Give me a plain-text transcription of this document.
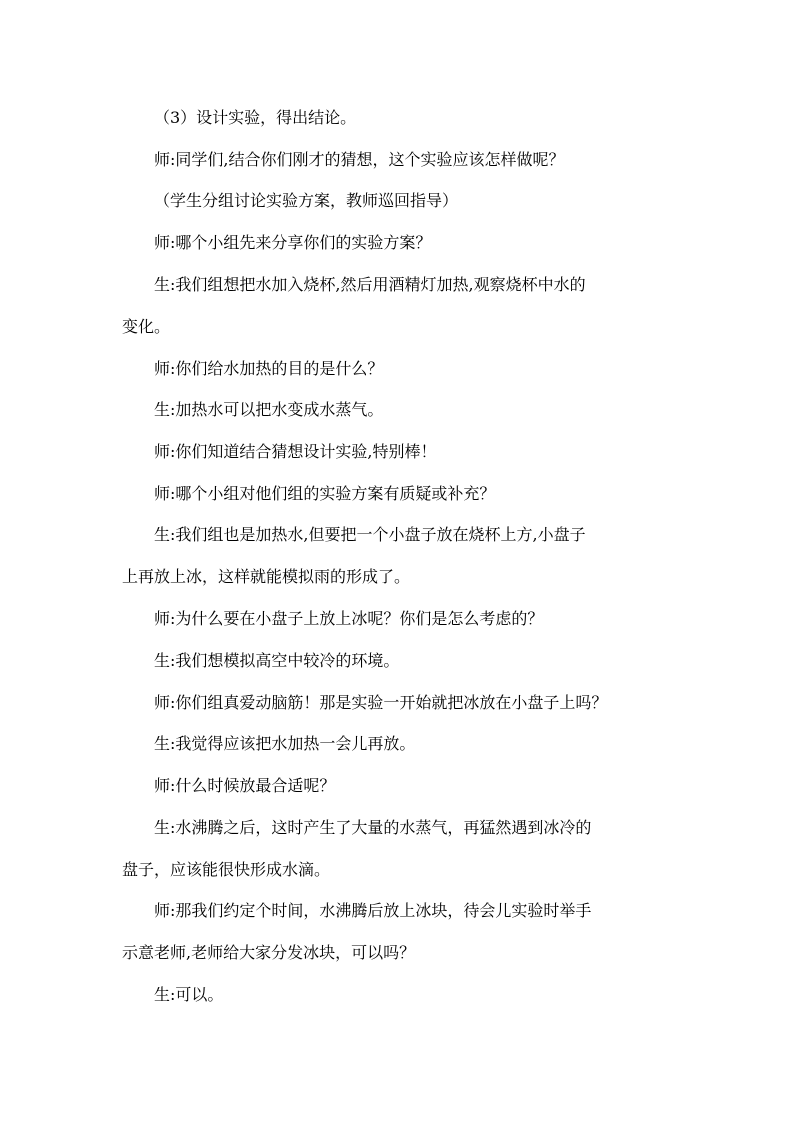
（3）设计实验，得出结论。

师:同学们,结合你们刚才的猜想，这个实验应该怎样做呢？

（学生分组讨论实验方案，教师巡回指导）

师:哪个小组先来分享你们的实验方案？

生:我们组想把水加入烧杯,然后用酒精灯加热,观察烧杯中水的
变化。

师:你们给水加热的目的是什么？

生:加热水可以把水变成水蒸气。

师:你们知道结合猜想设计实验,特别棒！

师:哪个小组对他们组的实验方案有质疑或补充？

生:我们组也是加热水,但要把一个小盘子放在烧杯上方,小盘子
上再放上冰，这样就能模拟雨的形成了。

师:为什么要在小盘子上放上冰呢？你们是怎么考虑的？

生:我们想模拟高空中较冷的环境。

师:你们组真爱动脑筋！那是实验一开始就把冰放在小盘子上吗？

生:我觉得应该把水加热一会儿再放。

师:什么时候放最合适呢？

生:水沸腾之后，这时产生了大量的水蒸气，再猛然遇到冰冷的
盘子，应该能很快形成水滴。

师:那我们约定个时间，水沸腾后放上冰块，待会儿实验时举手
示意老师,老师给大家分发冰块，可以吗？

生:可以。
